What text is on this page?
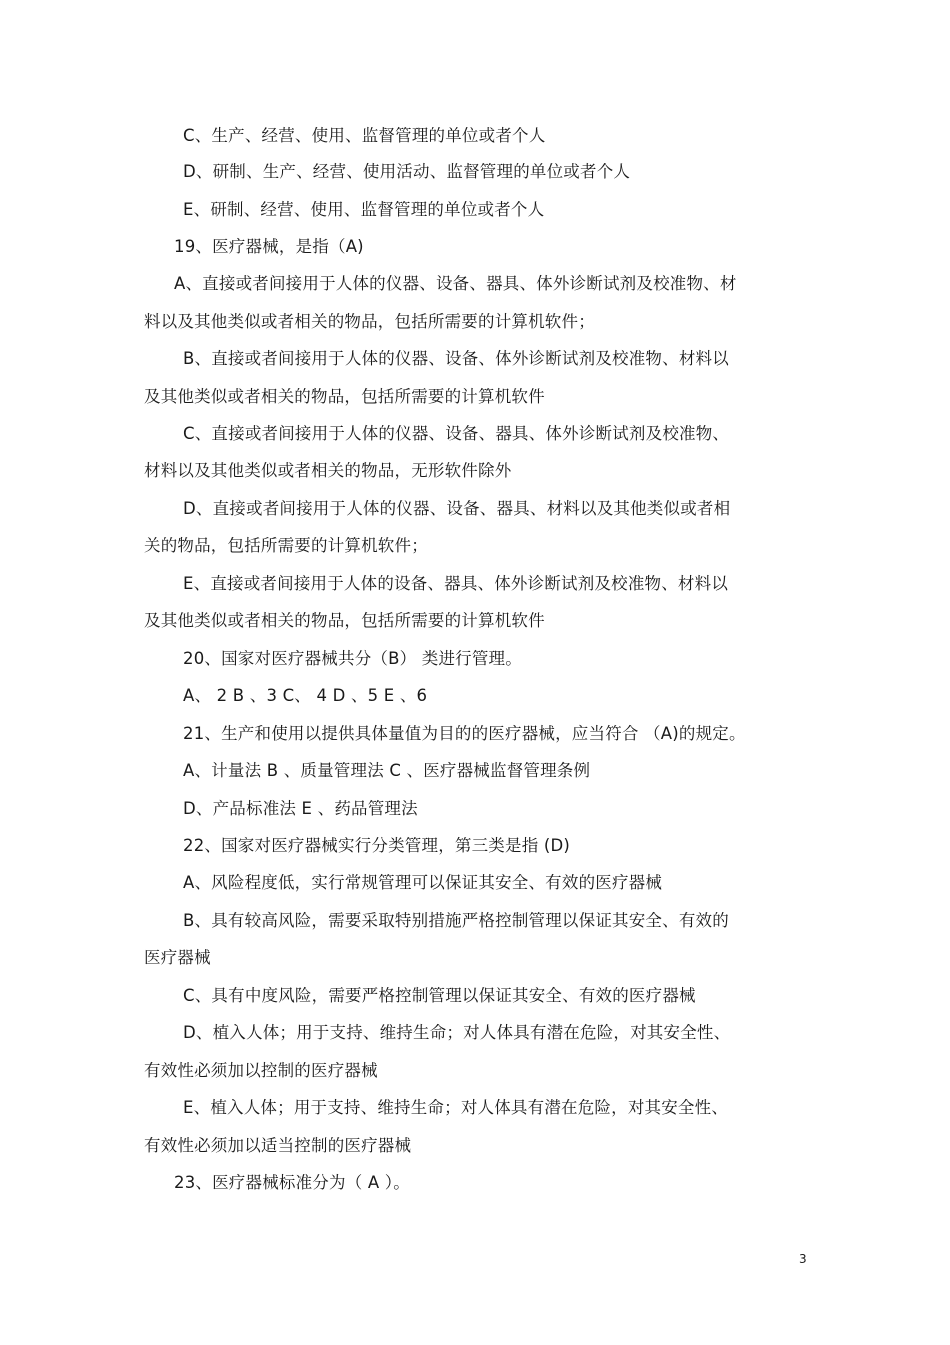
C、生产、经营、使用、监督管理的单位或者个人
D、研制、生产、经营、使用活动、监督管理的单位或者个人
E、研制、经营、使用、监督管理的单位或者个人
19、医疗器械，是指（A)
A、直接或者间接用于人体的仪器、设备、器具、体外诊断试剂及校准物、材
料以及其他类似或者相关的物品，包括所需要的计算机软件；
B、直接或者间接用于人体的仪器、设备、体外诊断试剂及校准物、材料以
及其他类似或者相关的物品，包括所需要的计算机软件
C、直接或者间接用于人体的仪器、设备、器具、体外诊断试剂及校准物、
材料以及其他类似或者相关的物品，无形软件除外
D、直接或者间接用于人体的仪器、设备、器具、材料以及其他类似或者相
关的物品，包括所需要的计算机软件；
E、直接或者间接用于人体的设备、器具、体外诊断试剂及校准物、材料以
及其他类似或者相关的物品，包括所需要的计算机软件
20、国家对医疗器械共分（B） 类进行管理。
A、 2 B 、3 C、 4 D 、5 E 、6
21、生产和使用以提供具体量值为目的的医疗器械，应当符合 （A)的规定。
A、计量法 B 、质量管理法 C 、医疗器械监督管理条例
D、产品标准法 E 、药品管理法
22、国家对医疗器械实行分类管理，第三类是指 (D)
A、风险程度低，实行常规管理可以保证其安全、有效的医疗器械
B、具有较高风险，需要采取特别措施严格控制管理以保证其安全、有效的
医疗器械
C、具有中度风险，需要严格控制管理以保证其安全、有效的医疗器械
D、植入人体；用于支持、维持生命；对人体具有潜在危险，对其安全性、
有效性必须加以控制的医疗器械
E、植入人体；用于支持、维持生命；对人体具有潜在危险，对其安全性、
有效性必须加以适当控制的医疗器械
23、医疗器械标准分为（ A ）。
3
